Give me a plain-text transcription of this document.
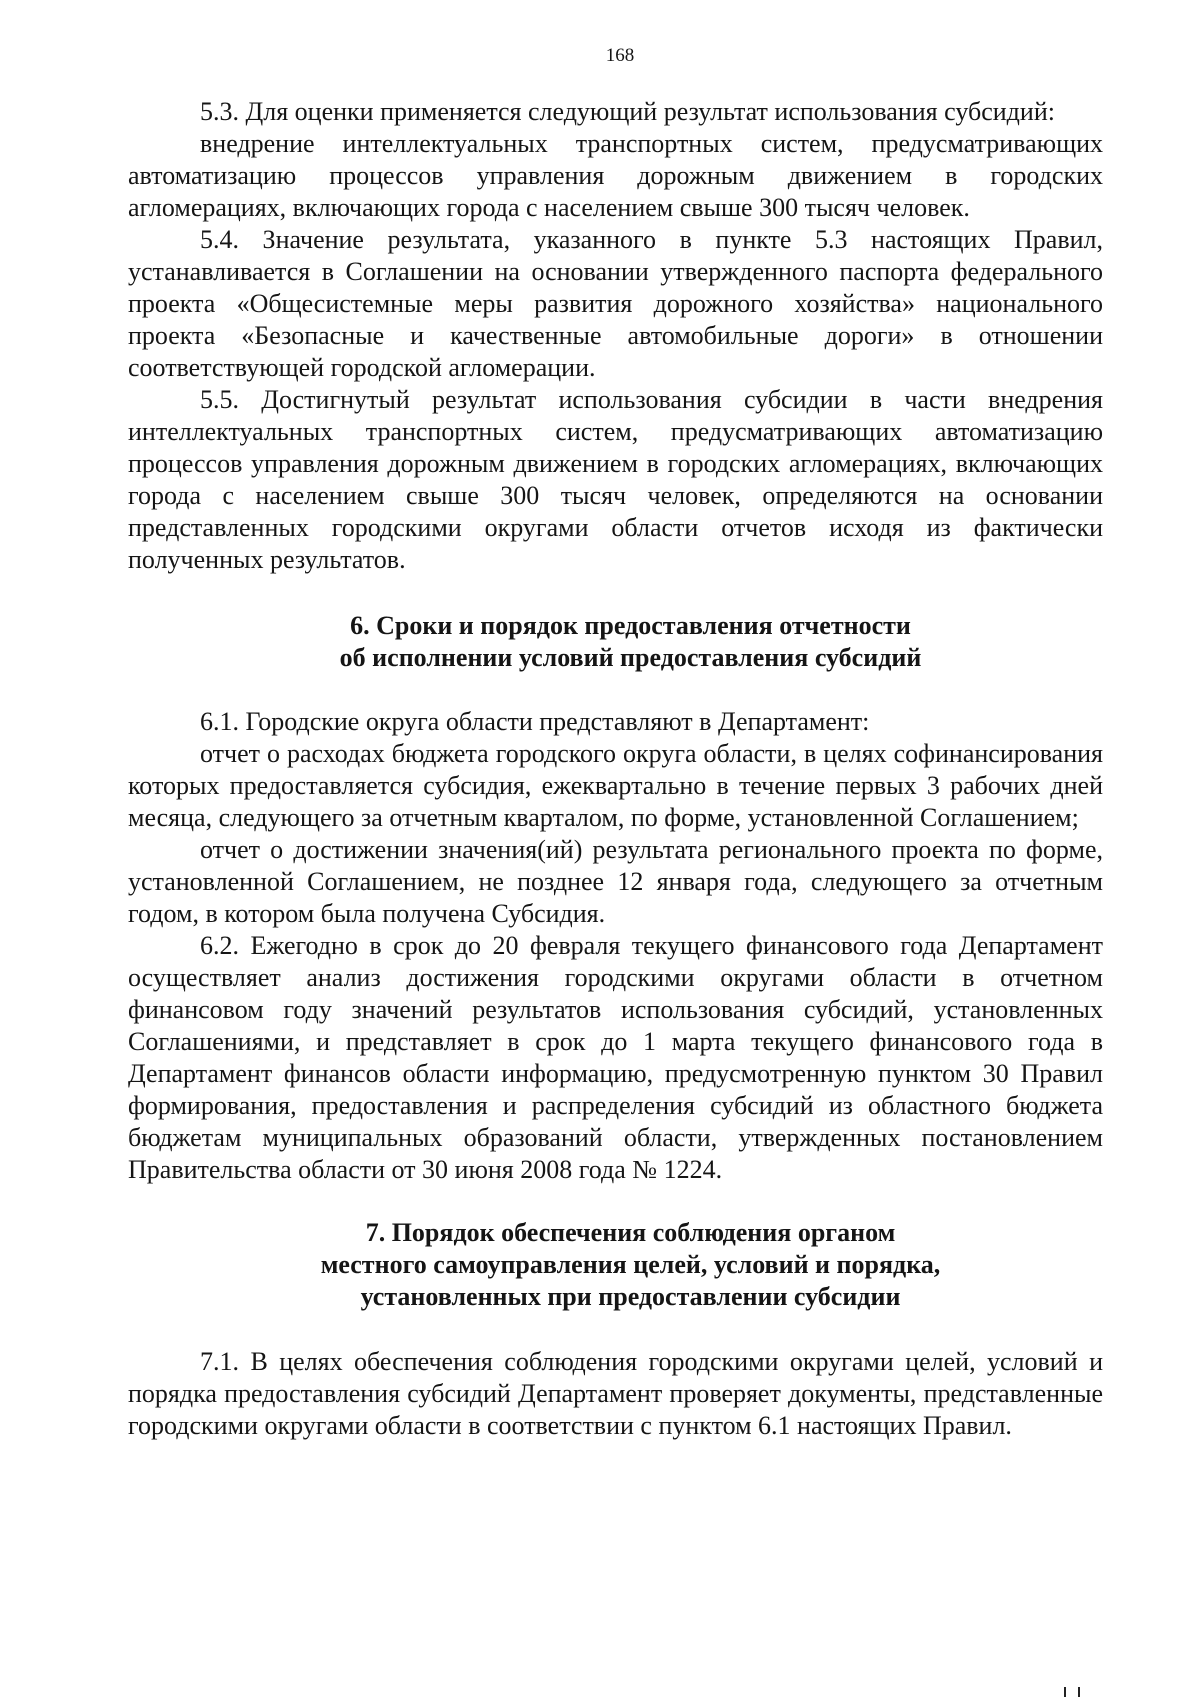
168

5.3. Для оценки применяется следующий результат использования субсидий:

внедрение интеллектуальных транспортных систем, предусматривающих автоматизацию процессов управления дорожным движением в городских агломерациях, включающих города с населением свыше 300 тысяч человек.

5.4. Значение результата, указанного в пункте 5.3 настоящих Правил, устанавливается в Соглашении на основании утвержденного паспорта федерального проекта «Общесистемные меры развития дорожного хозяйства» национального проекта «Безопасные и качественные автомобильные дороги» в отношении соответствующей городской агломерации.

5.5. Достигнутый результат использования субсидии в части внедрения интеллектуальных транспортных систем, предусматривающих автоматизацию процессов управления дорожным движением в городских агломерациях, включающих города с населением свыше 300 тысяч человек, определяются на основании представленных городскими округами области отчетов исходя из фактически полученных результатов.

6. Сроки и порядок предоставления отчетности
об исполнении условий предоставления субсидий

6.1. Городские округа области представляют в Департамент:

отчет о расходах бюджета городского округа области, в целях софинансирования которых предоставляется субсидия, ежеквартально в течение первых 3 рабочих дней месяца, следующего за отчетным кварталом, по форме, установленной Соглашением;

отчет о достижении значения(ий) результата регионального проекта по форме, установленной Соглашением, не позднее 12 января года, следующего за отчетным годом, в котором была получена Субсидия.

6.2. Ежегодно в срок до 20 февраля текущего финансового года Департамент осуществляет анализ достижения городскими округами области в отчетном финансовом году значений результатов использования субсидий, установленных Соглашениями, и представляет в срок до 1 марта текущего финансового года в Департамент финансов области информацию, предусмотренную пунктом 30 Правил формирования, предоставления и распределения субсидий из областного бюджета бюджетам муниципальных образований области, утвержденных постановлением Правительства области от 30 июня 2008 года № 1224.

7. Порядок обеспечения соблюдения органом
местного самоуправления целей, условий и порядка,
установленных при предоставлении субсидии

7.1. В целях обеспечения соблюдения городскими округами целей, условий и порядка предоставления субсидий Департамент проверяет документы, представленные городскими округами области в соответствии с пунктом 6.1 настоящих Правил.
